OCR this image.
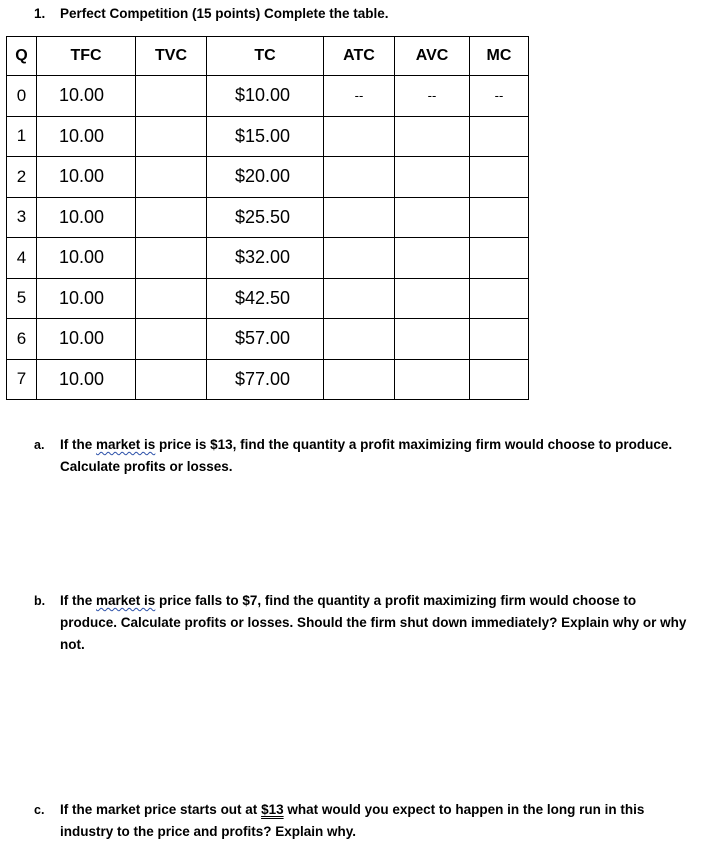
1. Perfect Competition (15 points) Complete the table.
Q	TFC	TVC	TC	ATC	AVC	MC
0	10.00		$10.00	--	--	--
1	10.00		$15.00			
2	10.00		$20.00			
3	10.00		$25.50			
4	10.00		$32.00			
5	10.00		$42.50			
6	10.00		$57.00			
7	10.00		$77.00			
a. If the market is price is $13, find the quantity a profit maximizing firm would choose to produce. Calculate profits or losses.
b. If the market is price falls to $7, find the quantity a profit maximizing firm would choose to produce. Calculate profits or losses. Should the firm shut down immediately? Explain why or why not.
c. If the market price starts out at $13 what would you expect to happen in the long run in this industry to the price and profits? Explain why.
